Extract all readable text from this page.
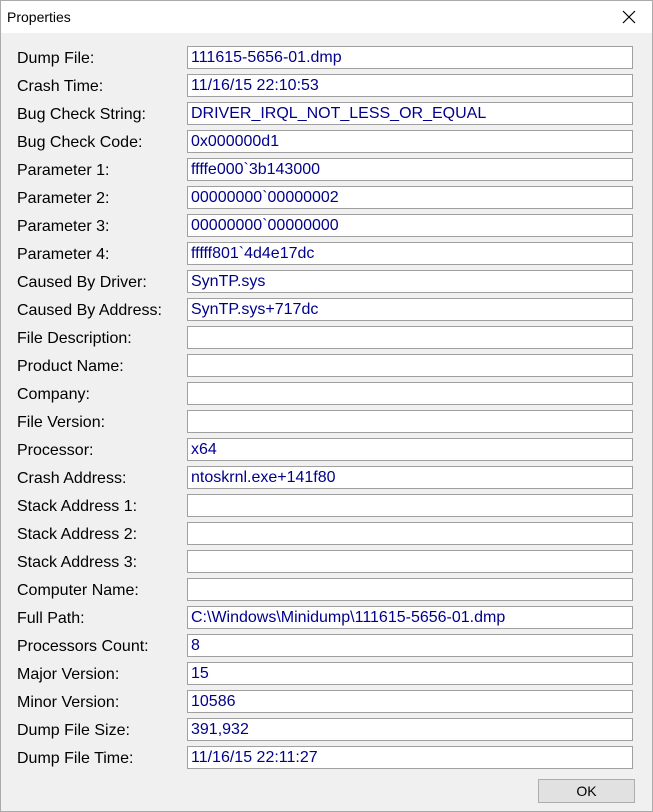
Properties
Dump File:	111615-5656-01.dmp
Crash Time:	11/16/15 22:10:53
Bug Check String:	DRIVER_IRQL_NOT_LESS_OR_EQUAL
Bug Check Code:	0x000000d1
Parameter 1:	ffffe000`3b143000
Parameter 2:	00000000`00000002
Parameter 3:	00000000`00000000
Parameter 4:	fffff801`4d4e17dc
Caused By Driver:	SynTP.sys
Caused By Address: SynTP.sys+717dc
File Description:
Product Name:
Company:
File Version:
Processor:	x64
Crash Address:	ntoskrnl.exe+141f80
Stack Address 1:
Stack Address 2:
Stack Address 3:
Computer Name:
Full Path:	C:\Windows\Minidump\111615-5656-01.dmp
Processors Count:	8
Major Version:	15
Minor Version:	10586
Dump File Size:	391,932
Dump File Time:	11/16/15 22:11:27
OK
